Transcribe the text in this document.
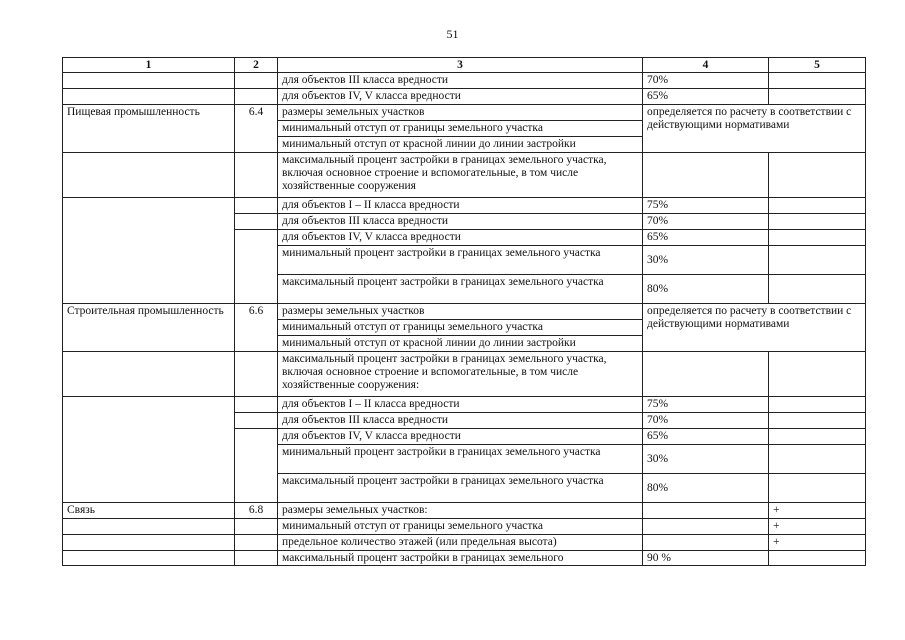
51
1	2	3	4	5
		для объектов III класса вредности	70%	
		для объектов IV, V класса вредности	65%	
Пищевая промышленность	6.4	размеры земельных участков	определяется по расчету в соответствии с действующими нормативами	
		минимальный отступ от границы земельного участка		
		минимальный отступ от красной линии до линии застройки		
		максимальный процент застройки в границах земельного участка, включая основное строение и вспомогательные, в том числе хозяйственные сооружения		
		для объектов I – II класса вредности	75%	
		для объектов III класса вредности	70%	
		для объектов IV, V класса вредности	65%	
		минимальный процент застройки в границах земельного участка	30%	
		максимальный процент застройки в границах земельного участка	80%	
Строительная промышленность	6.6	размеры земельных участков	определяется по расчету в соответствии с действующими нормативами	
		минимальный отступ от границы земельного участка		
		минимальный отступ от красной линии до линии застройки		
		максимальный процент застройки в границах земельного участка, включая основное строение и вспомогательные, в том числе хозяйственные сооружения:		
		для объектов I – II класса вредности	75%	
		для объектов III класса вредности	70%	
		для объектов IV, V класса вредности	65%	
		минимальный процент застройки в границах земельного участка	30%	
		максимальный процент застройки в границах земельного участка	80%	
Связь	6.8	размеры земельных участков:		+
		минимальный отступ от границы земельного участка		+
		предельное количество этажей (или предельная высота)		+
		максимальный процент застройки в границах земельного	90 %	
